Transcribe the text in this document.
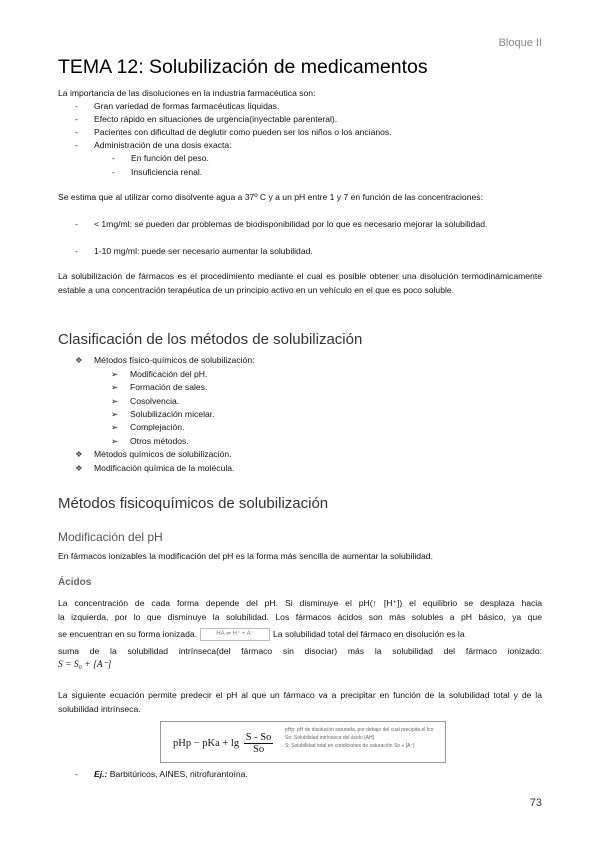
Bloque II
TEMA 12: Solubilización de medicamentos

La importancia de las disoluciones en la industria farmacéutica son:

- Gran variedad de formas farmacéuticas líquidas.
- Efecto rápido en situaciones de urgencia(inyectable parenteral).
- Pacientes con dificultad de deglutir como pueden ser los niños o los ancianos.
- Administración de una dosis exacta:
- En función del peso.
- Insuficiencia renal.

Se estima que al utilizar como disolvente agua a 37º C y a un pH entre 1 y 7 en función de las concentraciones:

- < 1mg/ml: se pueden dar problemas de biodisponibilidad por lo que es necesario mejorar la solubilidad.
- 1-10 mg/ml: puede ser necesario aumentar la solubilidad.

La solubilización de fármacos es el procedimiento mediante el cual es posible obtener una disolución termodinámicamente estable a una concentración terapéutica de un principio activo en un vehículo en el que es poco soluble.

Clasificación de los métodos de solubilización
❖ Métodos físico-químicos de solubilización:
➢ Modificación del pH.
➢ Formación de sales.
➢ Cosolvencia.
➢ Solubilización micelar.
➢ Complejación.
➢ Otros métodos.
❖ Métodos químicos de solubilización.
❖ Modificación química de la molécula.
Métodos fisicoquímicos de solubilización
Modificación del pH

En fármacos ionizables la modificación del pH es la forma más sencilla de aumentar la solubilidad.

Ácidos

La concentración de cada forma depende del pH. Si disminuye el pH(↑ [H⁺]) el equilibrio se desplaza hacia

la izquierda, por lo que disminuye la solubilidad. Los fármacos ácidos son más solubles a pH básico, ya que

se encuentran en su forma ionizada.	HA ⇌ H⁺ + A⁻ La solubilidad total del fármaco en disolución es la

suma de la solubilidad intrínseca(del fármaco sin disociar) más la solubilidad del fármaco ionizado:

S = S₀ + [A⁻]

La siguiente ecuación permite predecir el pH al que un fármaco va a precipitar en función de la solubilidad total y de la solubilidad intrínseca.

pHp − pKa + $\lg \frac{S - So}{So}$
pHp: pH de disolución saturada, por debajo del cual precipita el fco
So: Solubilidad intrínseca del ácido [AH]
S: Solubilidad total en condiciones de saturación So + [A⁻]
- Ej.: Barbitúricos, AINES, nitrofurantoína.
73
